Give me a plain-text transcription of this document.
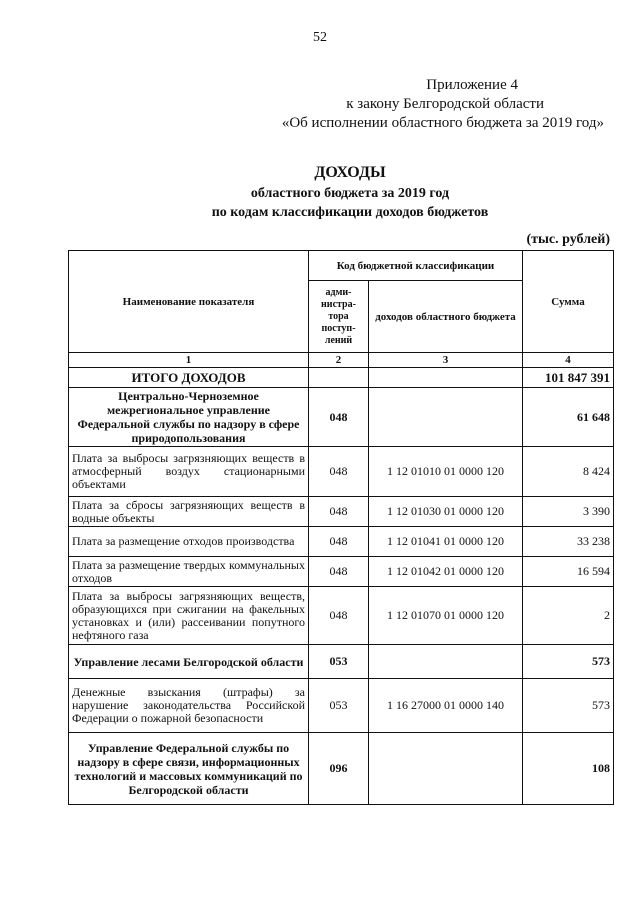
52
Приложение 4
к закону Белгородской области
«Об исполнении областного бюджета за 2019 год»
ДОХОДЫ
областного бюджета за 2019 год
по кодам классификации доходов бюджетов
(тыс. рублей)
Наименование показателя	Код бюджетной классификации		Сумма
	адми-
нистра-
тора
поступ-
лений	доходов областного бюджета	
1	2	3	4
ИТОГО ДОХОДОВ			101 847 391
Центрально-Черноземное межрегиональное управление Федеральной службы по надзору в сфере природопользования	048		61 648
Плата за выбросы загрязняющих веществ в атмосферный воздух стационарными объектами	048	1 12 01010 01 0000 120	8 424
Плата за сбросы загрязняющих веществ в водные объекты	048	1 12 01030 01 0000 120	3 390
Плата за размещение отходов производства	048	1 12 01041 01 0000 120	33 238
Плата за размещение твердых коммунальных отходов	048	1 12 01042 01 0000 120	16 594
Плата за выбросы загрязняющих веществ, образующихся при сжигании на факельных установках и (или) рассеивании попутного нефтяного газа	048	1 12 01070 01 0000 120	2
Управление лесами Белгородской области	053		573
Денежные взыскания (штрафы) за нарушение законодательства Российской Федерации о пожарной безопасности	053	1 16 27000 01 0000 140	573
Управление Федеральной службы по надзору в сфере связи, информационных технологий и массовых коммуникаций по Белгородской области	096		108
